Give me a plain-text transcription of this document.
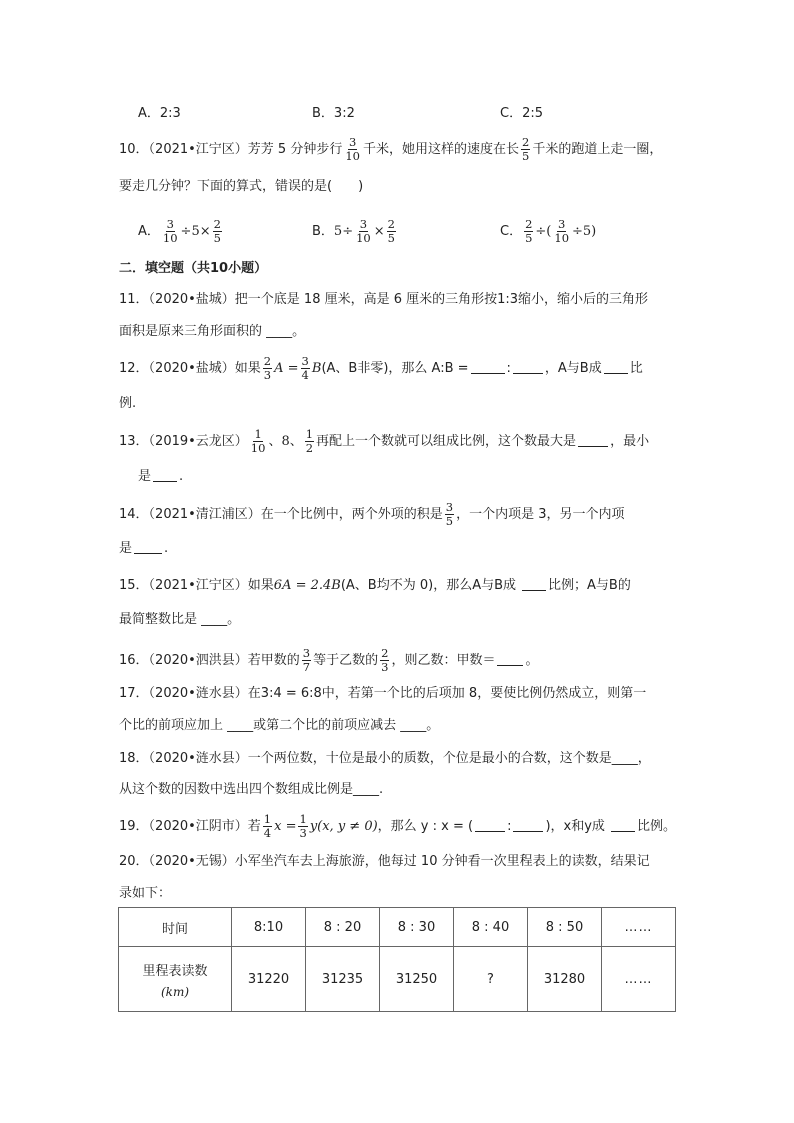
A．2:3	B．3:2	C．2:5
10．（2021•江宁区）芳芳 5 分钟步行 $\frac{3}{10}$ 千米，她用这样的速度在长 $\frac{2}{5}$ 千米的跑道上走一圈，
要走几分钟？下面的算式，错误的是(　　)
A． $\frac{3}{10} \div 5\times \frac{2}{5}$	B．$5\div \frac{3}{10} \times \frac{2}{5}$	C． $\frac{2}{5}$ ÷( $\frac{3}{10} \div 5$)
二．填空题（共10小题）
11．（2020•盐城）把一个底是 18 厘米，高是 6 厘米的三角形按1:3缩小，缩小后的三角形
面积是原来三角形面积的 ____。
12．（2020•盐城）如果 $\frac{2}{3}$ $A = \frac{3}{4} B(A$、B非零)，那么 A:B =	:	，A与B成 比
例.
13．（2019•云龙区） $\frac{1}{10}$ 、8、 $\frac{1}{2}$ 再配上一个数就可以组成比例，这个数最大是	，最小
是 .
14．（2021•清江浦区）在一个比例中，两个外项的积是 $\frac{3}{5}$ ，一个内项是 3，另一个内项
是 .
15．（2021•江宁区）如果6A = 2.4B(A、B均不为 0)，那么A与B成 比例；A与B的
最简整数比是 ____。
16．（2020•泗洪县）若甲数的 $\frac{3}{7}$ 等于乙数的 $\frac{2}{3}$ ，则乙数：甲数＝ 。
17．（2020•涟水县）在3:4 = 6:8中，若第一个比的后项加 8，要使比例仍然成立，则第一
个比的前项应加上 ____或第二个比的前项应减去 ____。
18．（2020•涟水县）一个两位数，十位是最小的质数，个位是最小的合数，这个数是____，
从这个数的因数中选出四个数组成比例是____.
19．（2020•江阴市）若 $\frac{1}{4}$ $x = \frac{1}{3} y(x$, y ≠ 0)，那么 y : x = (	:	)，x和y成 比例。
20．（2020•无锡）小军坐汽车去上海旅游，他每过 10 分钟看一次里程表上的读数，结果记
录如下：
时间	8:10	8 : 20	8 : 30	8 : 40	8 : 50	……
里程表读数
(km)	31220	31235	31250	?	31280	……
